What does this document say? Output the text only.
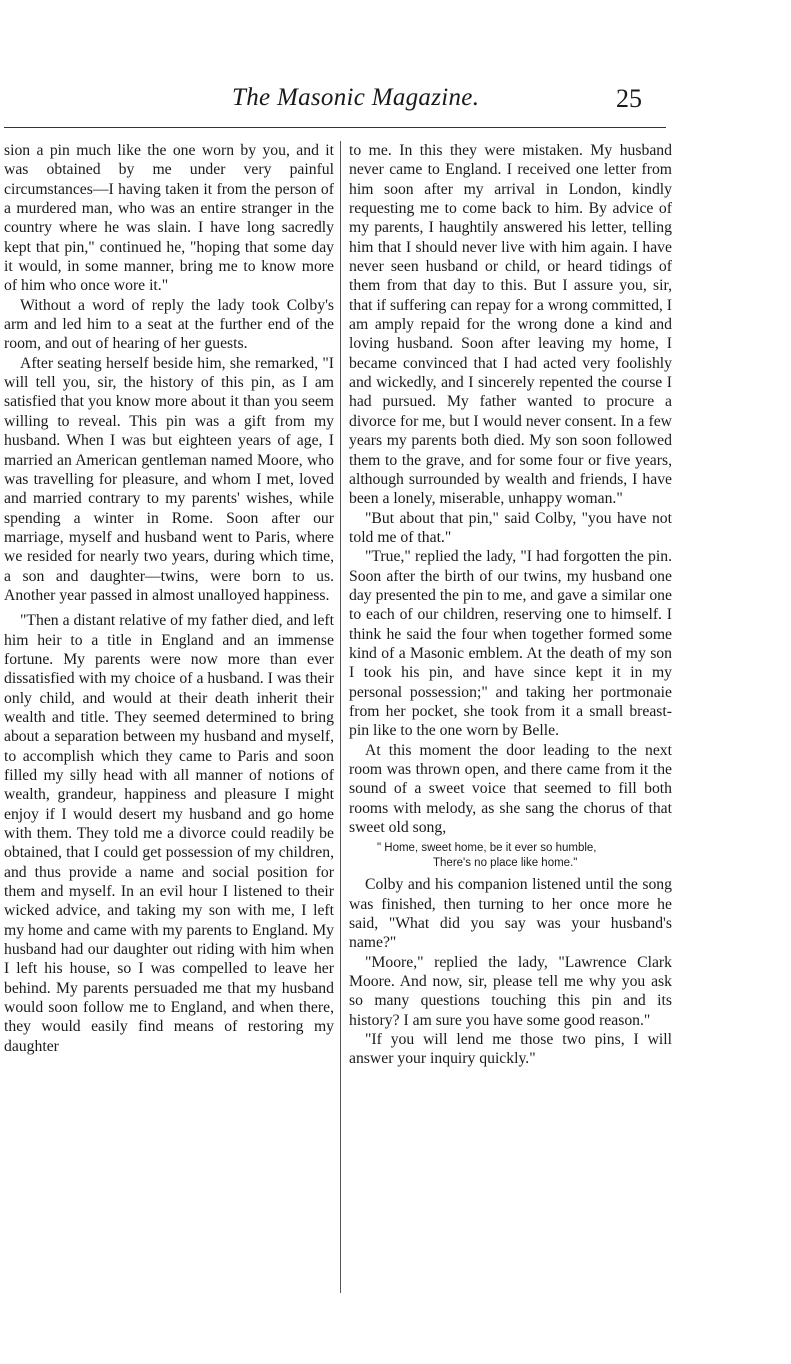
The Masonic Magazine.	25

sion a pin much like the one worn by you, and it was obtained by me under very painful circumstances—I having taken it from the person of a murdered man, who was an entire stranger in the country where he was slain. I have long sacredly kept that pin," continued he, "hoping that some day it would, in some manner, bring me to know more of him who once wore it."

Without a word of reply the lady took Colby's arm and led him to a seat at the further end of the room, and out of hearing of her guests.

After seating herself beside him, she remarked, "I will tell you, sir, the history of this pin, as I am satisfied that you know more about it than you seem willing to reveal. This pin was a gift from my husband. When I was but eighteen years of age, I married an American gentleman named Moore, who was travelling for pleasure, and whom I met, loved and married contrary to my parents' wishes, while spending a winter in Rome. Soon after our marriage, myself and husband went to Paris, where we resided for nearly two years, during which time, a son and daughter—twins, were born to us. Another year passed in almost unalloyed happiness.

"Then a distant relative of my father died, and left him heir to a title in England and an immense fortune. My parents were now more than ever dissatisfied with my choice of a husband. I was their only child, and would at their death inherit their wealth and title. They seemed determined to bring about a separation between my husband and myself, to accomplish which they came to Paris and soon filled my silly head with all manner of notions of wealth, grandeur, happiness and pleasure I might enjoy if I would desert my husband and go home with them. They told me a divorce could readily be obtained, that I could get possession of my children, and thus provide a name and social position for them and myself. In an evil hour I listened to their wicked advice, and taking my son with me, I left my home and came with my parents to England. My husband had our daughter out riding with him when I left his house, so I was compelled to leave her behind. My parents persuaded me that my husband would soon follow me to England, and when there, they would easily find means of restoring my daughter

to me. In this they were mistaken. My husband never came to England. I received one letter from him soon after my arrival in London, kindly requesting me to come back to him. By advice of my parents, I haughtily answered his letter, telling him that I should never live with him again. I have never seen husband or child, or heard tidings of them from that day to this. But I assure you, sir, that if suffering can repay for a wrong committed, I am amply repaid for the wrong done a kind and loving husband. Soon after leaving my home, I became convinced that I had acted very foolishly and wickedly, and I sincerely repented the course I had pursued. My father wanted to procure a divorce for me, but I would never consent. In a few years my parents both died. My son soon followed them to the grave, and for some four or five years, although surrounded by wealth and friends, I have been a lonely, miserable, unhappy woman."

"But about that pin," said Colby, "you have not told me of that."

"True," replied the lady, "I had forgotten the pin. Soon after the birth of our twins, my husband one day presented the pin to me, and gave a similar one to each of our children, reserving one to himself. I think he said the four when together formed some kind of a Masonic emblem. At the death of my son I took his pin, and have since kept it in my personal possession;" and taking her portmonaie from her pocket, she took from it a small breast-pin like to the one worn by Belle.

At this moment the door leading to the next room was thrown open, and there came from it the sound of a sweet voice that seemed to fill both rooms with melody, as she sang the chorus of that sweet old song,

" Home, sweet home, be it ever so humble,
There's no place like home."

Colby and his companion listened until the song was finished, then turning to her once more he said, "What did you say was your husband's name?"

"Moore," replied the lady, "Lawrence Clark Moore. And now, sir, please tell me why you ask so many questions touching this pin and its history? I am sure you have some good reason."

"If you will lend me those two pins, I will answer your inquiry quickly."
